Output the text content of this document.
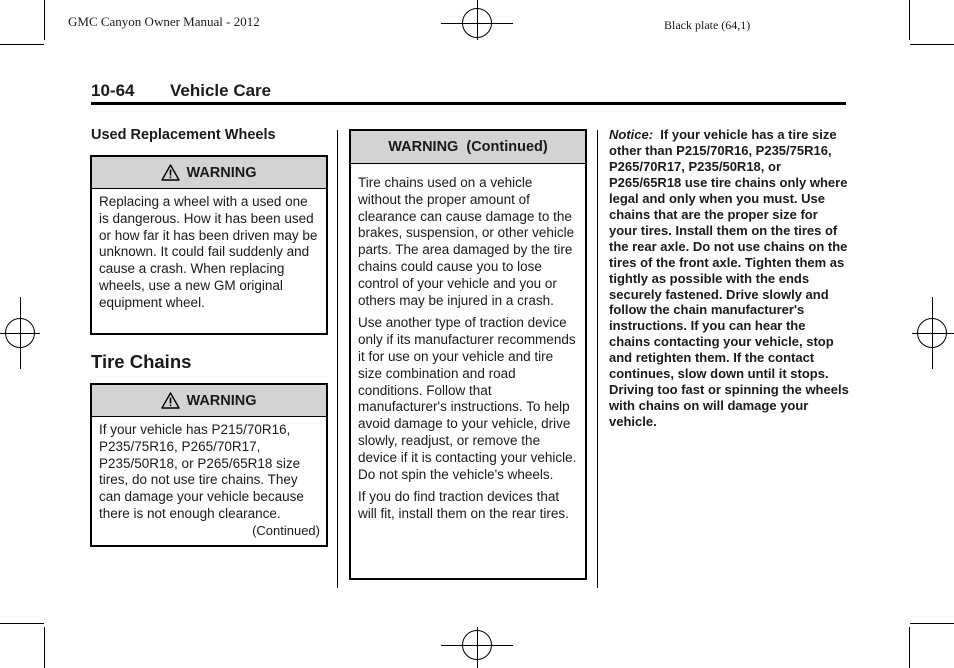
GMC Canyon Owner Manual - 2012	Black plate (64,1)
10-64 Vehicle Care
Used Replacement Wheels
WARNING

Replacing a wheel with a used one is dangerous. How it has been used or how far it has been driven may be unknown. It could fail suddenly and cause a crash. When replacing wheels, use a new GM original equipment wheel.

Tire Chains
WARNING

If your vehicle has P215/70R16, P235/75R16, P265/70R17, P235/50R18, or P265/65R18 size tires, do not use tire chains. They can damage your vehicle because there is not enough clearance.

(Continued)
WARNING  (Continued)

Tire chains used on a vehicle without the proper amount of clearance can cause damage to the brakes, suspension, or other vehicle parts. The area damaged by the tire chains could cause you to lose control of your vehicle and you or others may be injured in a crash.

Use another type of traction device only if its manufacturer recommends it for use on your vehicle and tire size combination and road conditions. Follow that manufacturer's instructions. To help avoid damage to your vehicle, drive slowly, readjust, or remove the device if it is contacting your vehicle. Do not spin the vehicle's wheels.

If you do find traction devices that will fit, install them on the rear tires.

Notice: If your vehicle has a tire size other than P215/70R16, P235/75R16, P265/70R17, P235/50R18, or P265/65R18 use tire chains only where legal and only when you must. Use chains that are the proper size for your tires. Install them on the tires of the rear axle. Do not use chains on the tires of the front axle. Tighten them as tightly as possible with the ends securely fastened. Drive slowly and follow the chain manufacturer's instructions. If you can hear the chains contacting your vehicle, stop and retighten them. If the contact continues, slow down until it stops. Driving too fast or spinning the wheels with chains on will damage your vehicle.
